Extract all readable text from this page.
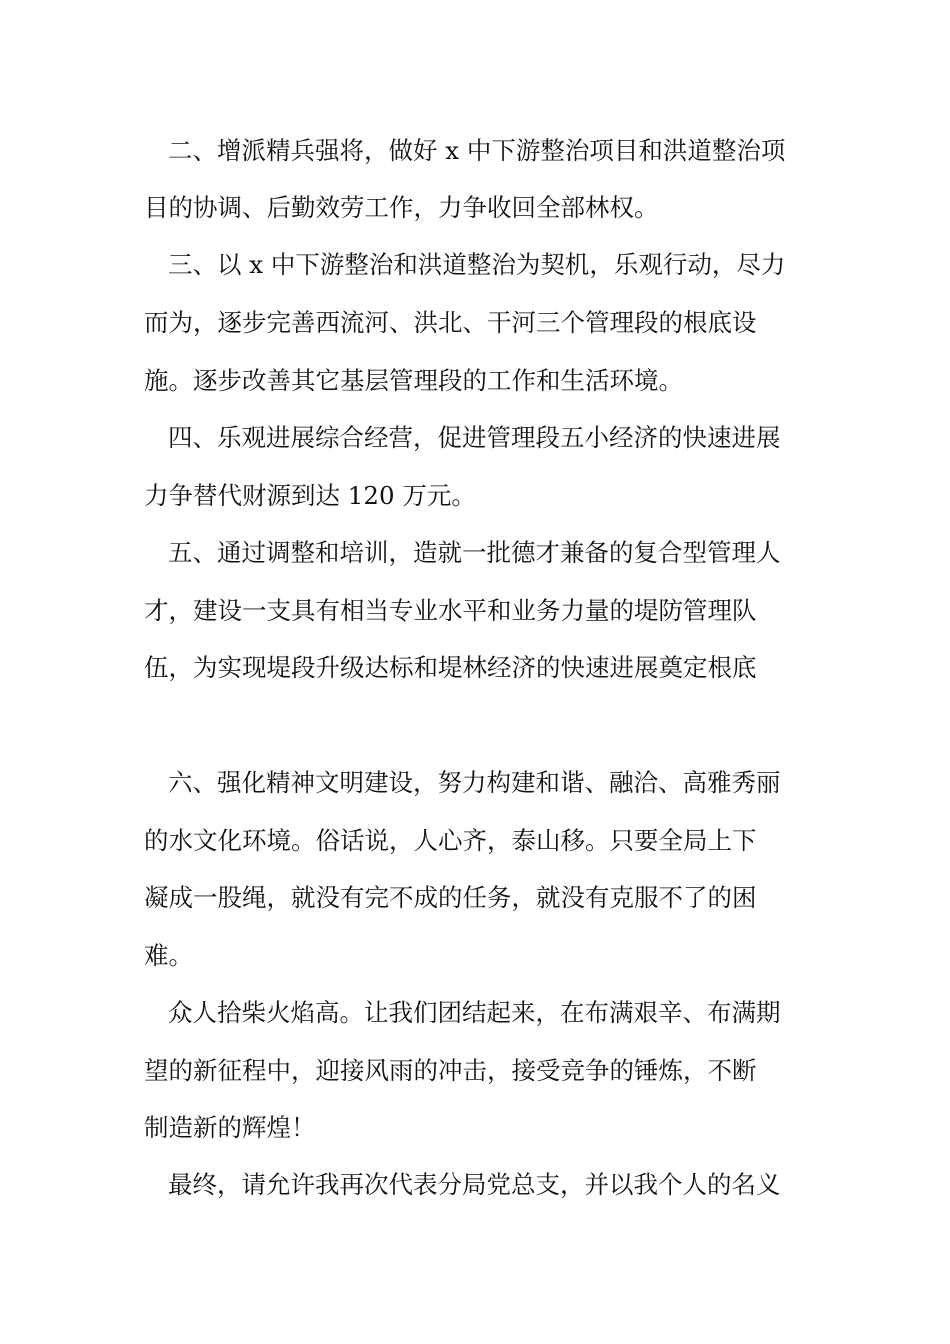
二、增派精兵强将，做好 x 中下游整治项目和洪道整治项
目的协调、后勤效劳工作，力争收回全部林权。
三、以 x 中下游整治和洪道整治为契机，乐观行动，尽力
而为，逐步完善西流河、洪北、干河三个管理段的根底设
施。逐步改善其它基层管理段的工作和生活环境。
四、乐观进展综合经营，促进管理段五小经济的快速进展
力争替代财源到达 120 万元。
五、通过调整和培训，造就一批德才兼备的复合型管理人
才，建设一支具有相当专业水平和业务力量的堤防管理队
伍，为实现堤段升级达标和堤林经济的快速进展奠定根底
六、强化精神文明建设，努力构建和谐、融洽、高雅秀丽
的水文化环境。俗话说，人心齐，泰山移。只要全局上下
凝成一股绳，就没有完不成的任务，就没有克服不了的困
难。
众人拾柴火焰高。让我们团结起来，在布满艰辛、布满期
望的新征程中，迎接风雨的冲击，接受竞争的锤炼，不断
制造新的辉煌！
最终，请允许我再次代表分局党总支，并以我个人的名义
